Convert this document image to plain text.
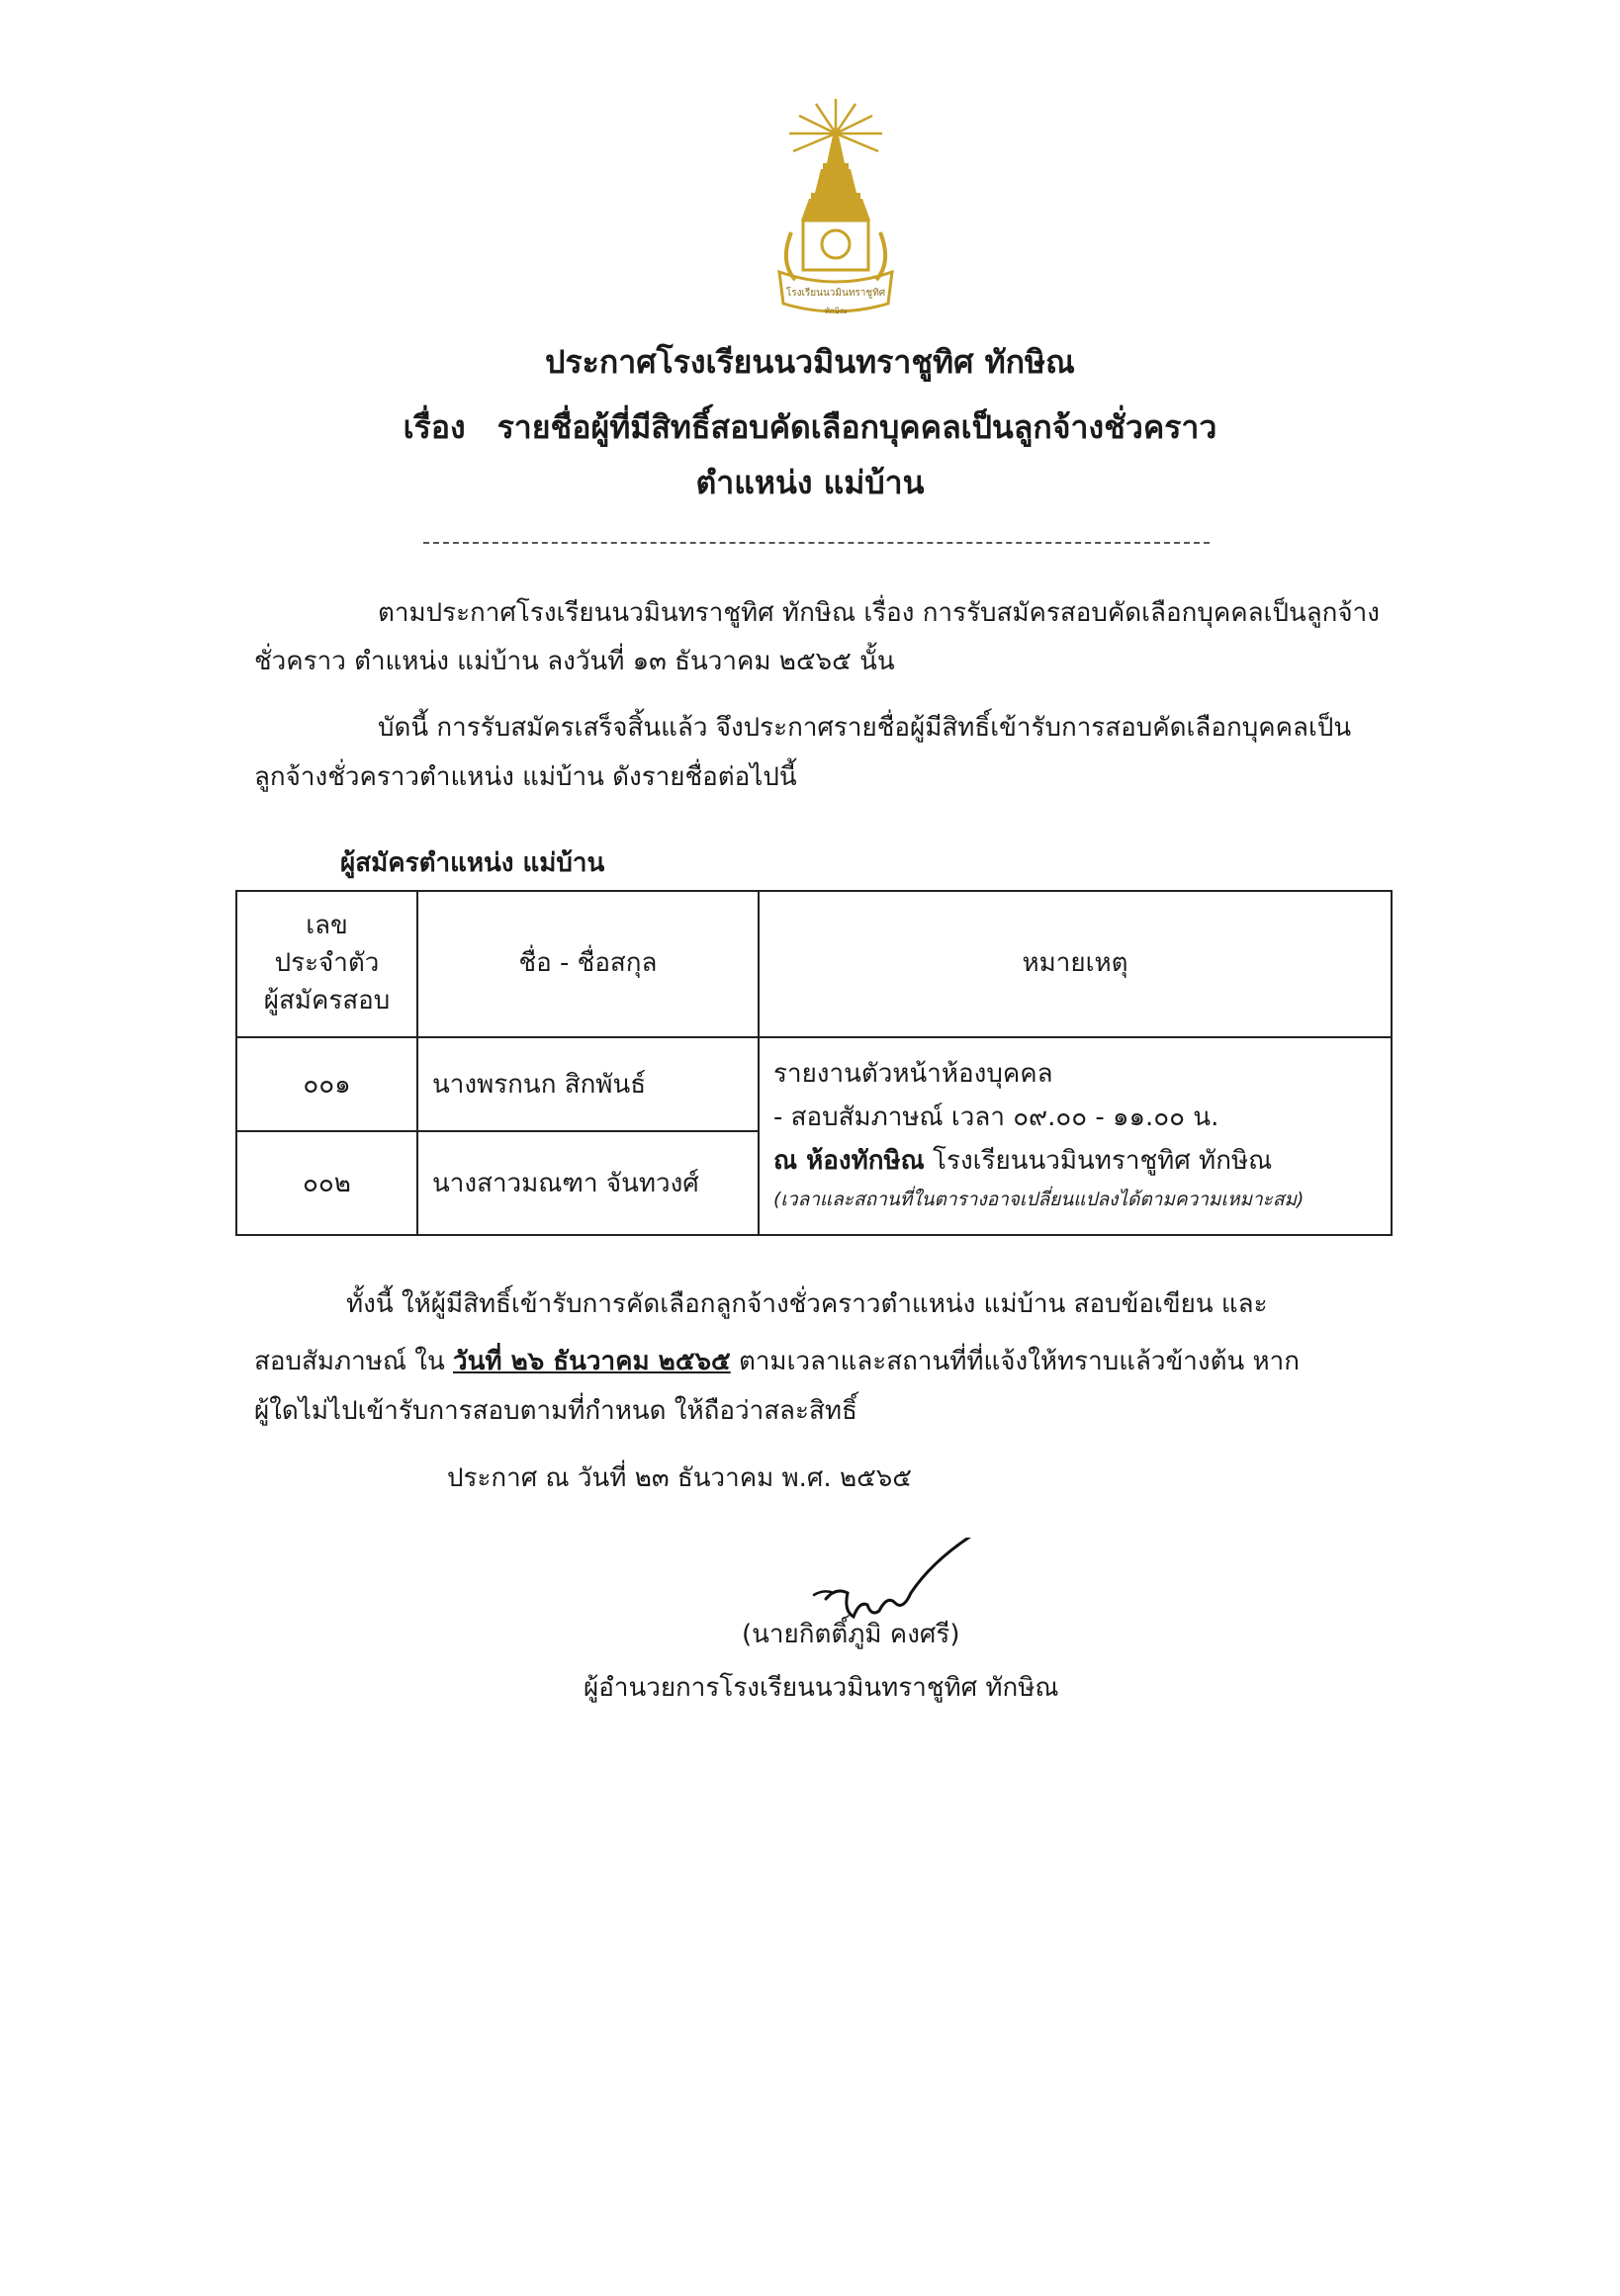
โรงเรียนนวมินทราชูทิศ
ทักษิณ
ประกาศโรงเรียนนวมินทราชูทิศ ทักษิณ
เรื่อง รายชื่อผู้ที่มีสิทธิ์สอบคัดเลือกบุคคลเป็นลูกจ้างชั่วคราว
ตำแหน่ง แม่บ้าน
ตามประกาศโรงเรียนนวมินทราชูทิศ ทักษิณ เรื่อง การรับสมัครสอบคัดเลือกบุคคลเป็นลูกจ้าง
ชั่วคราว ตำแหน่ง แม่บ้าน ลงวันที่ ๑๓ ธันวาคม ๒๕๖๕ นั้น
บัดนี้ การรับสมัครเสร็จสิ้นแล้ว จึงประกาศรายชื่อผู้มีสิทธิ์เข้ารับการสอบคัดเลือกบุคคลเป็น
ลูกจ้างชั่วคราวตำแหน่ง แม่บ้าน ดังรายชื่อต่อไปนี้
ผู้สมัครตำแหน่ง แม่บ้าน
เลข
ประจำตัว
ผู้สมัครสอบ	ชื่อ - ชื่อสกุล	หมายเหตุ
๐๐๑	นางพรกนก สิกพันธ์	รายงานตัวหน้าห้องบุคคล
- สอบสัมภาษณ์ เวลา ๐๙.๐๐ - ๑๑.๐๐ น.
ณ ห้องทักษิณ โรงเรียนนวมินทราชูทิศ ทักษิณ
(เวลาและสถานที่ในตารางอาจเปลี่ยนแปลงได้ตามความเหมาะสม)

๐๐๒	นางสาวมณฑา จันทวงศ์	
ทั้งนี้ ให้ผู้มีสิทธิ์เข้ารับการคัดเลือกลูกจ้างชั่วคราวตำแหน่ง แม่บ้าน สอบข้อเขียน และ
สอบสัมภาษณ์ ใน วันที่ ๒๖ ธันวาคม ๒๕๖๕ ตามเวลาและสถานที่ที่แจ้งให้ทราบแล้วข้างต้น หาก
ผู้ใดไม่ไปเข้ารับการสอบตามที่กำหนด ให้ถือว่าสละสิทธิ์
ประกาศ ณ วันที่ ๒๓ ธันวาคม พ.ศ. ๒๕๖๕
(นายกิตติ์ภูมิ คงศรี)
ผู้อำนวยการโรงเรียนนวมินทราชูทิศ ทักษิณ
